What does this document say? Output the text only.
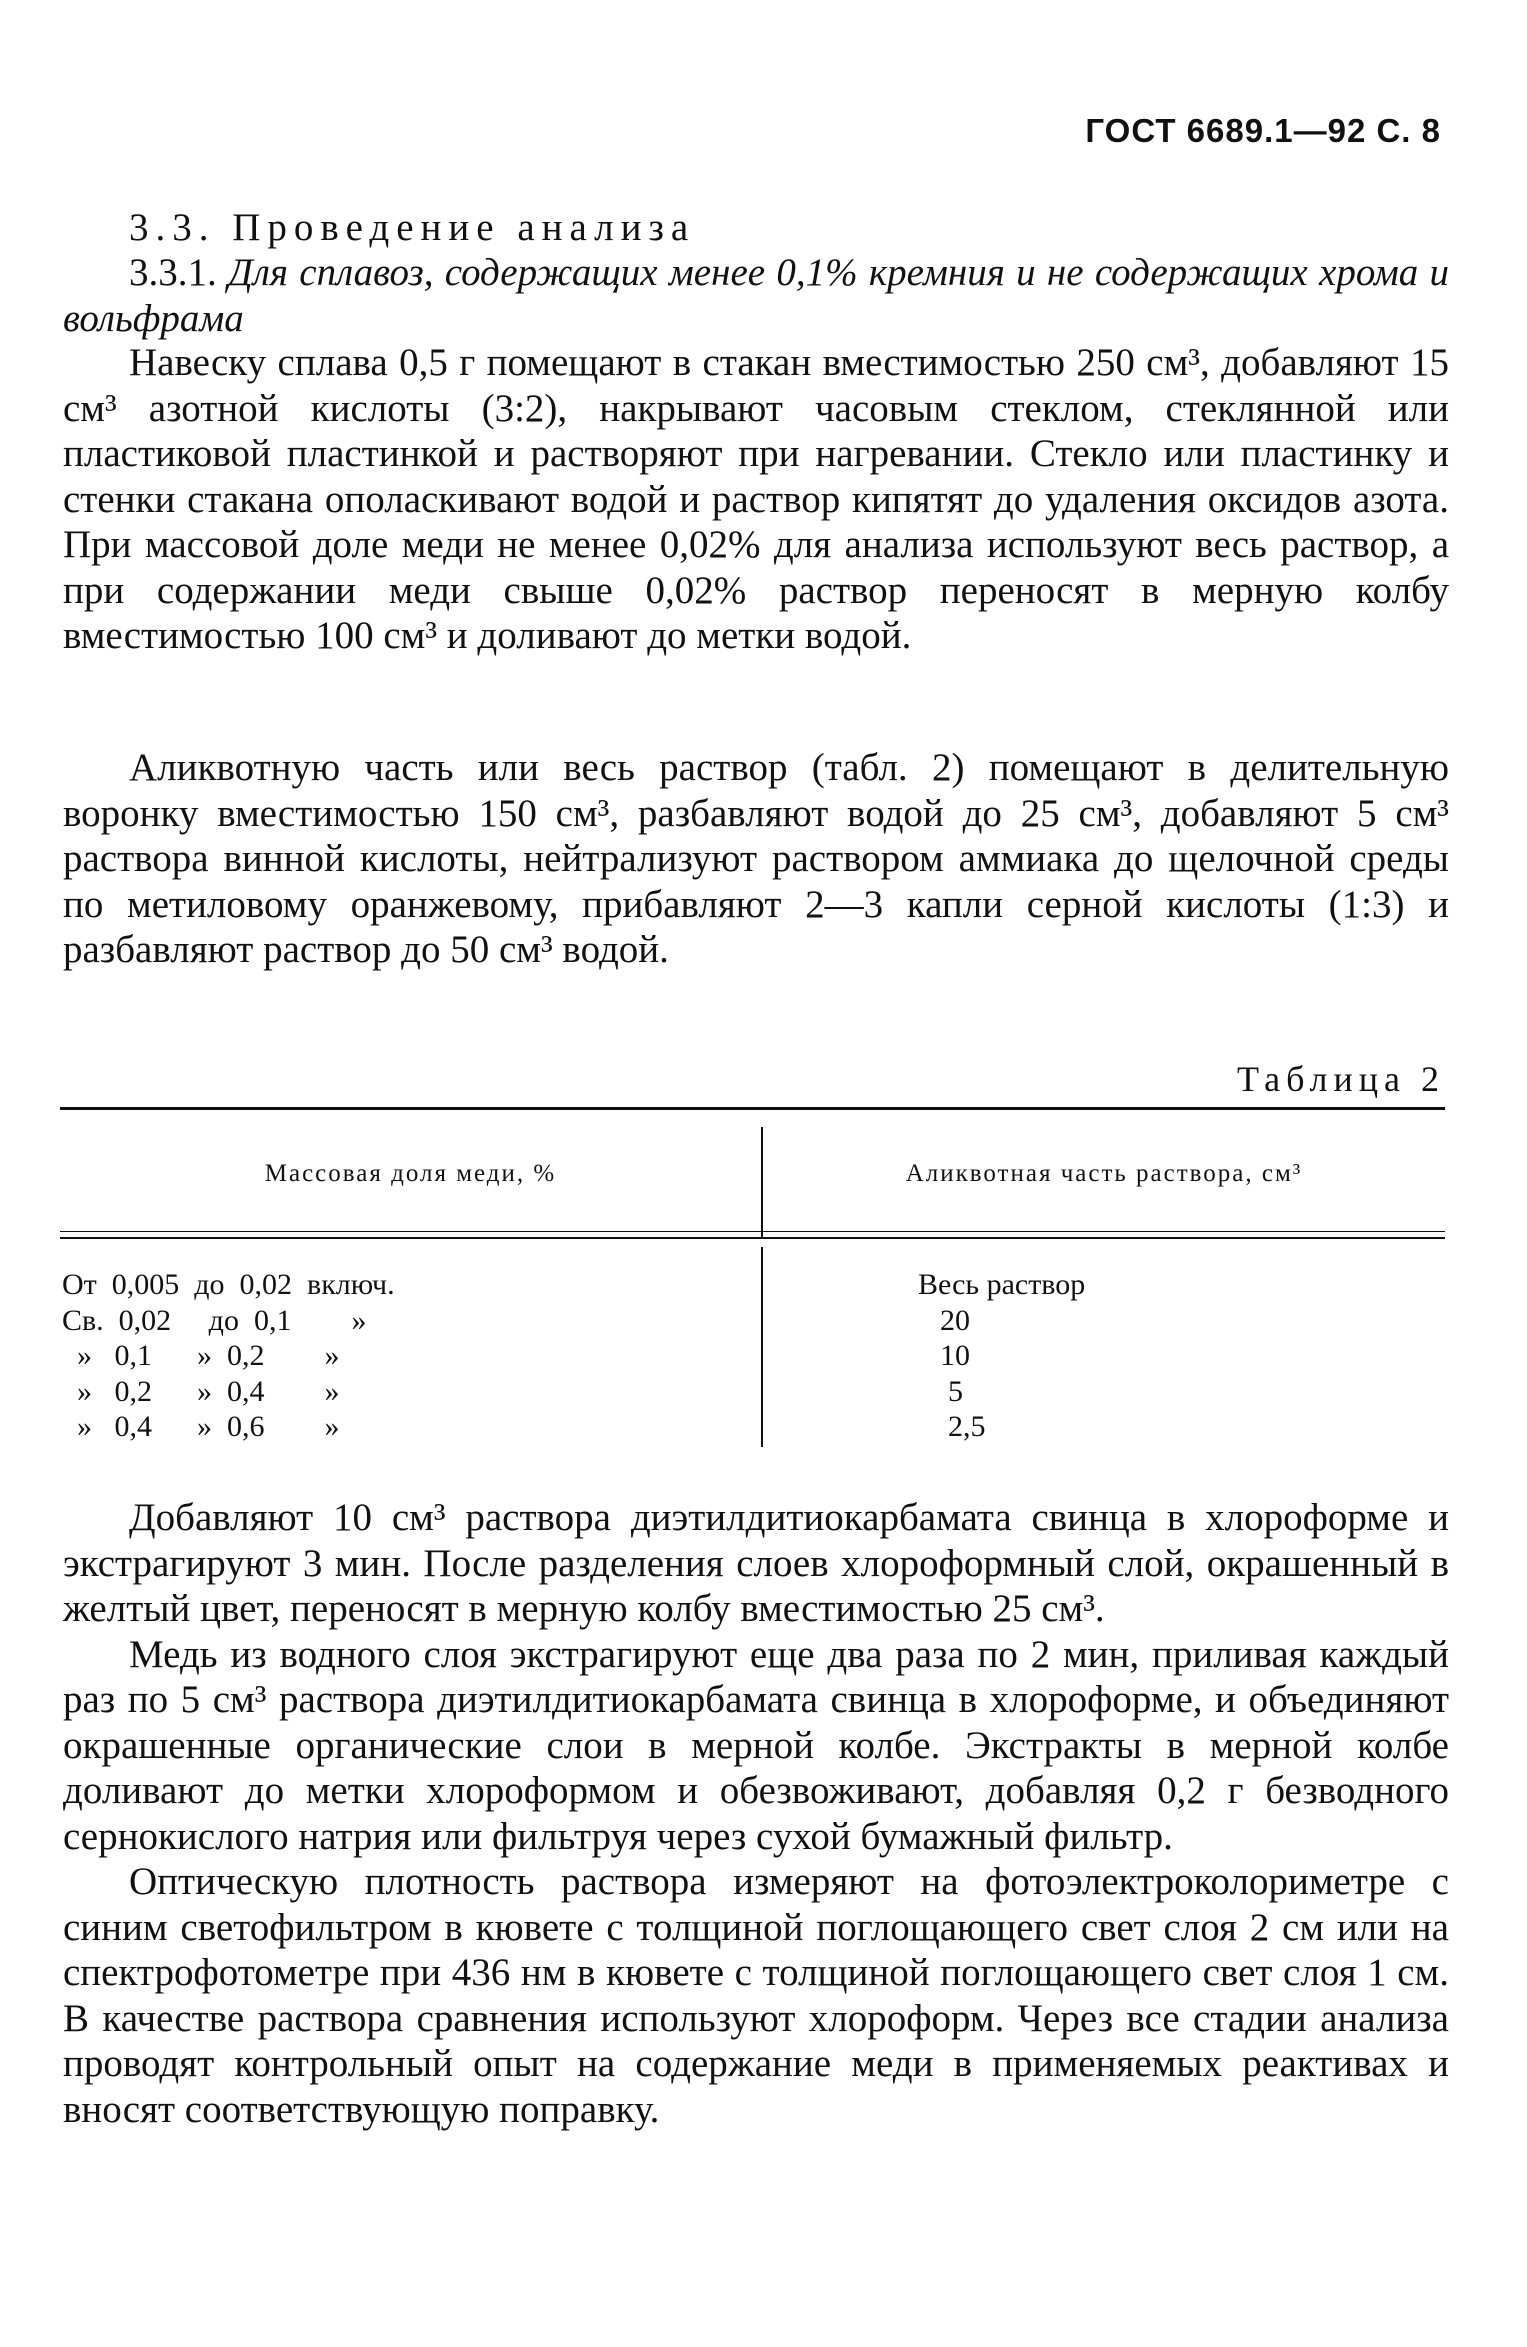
ГОСТ 6689.1—92 С. 8

3.3. Проведение анализа

3.3.1. Для сплавоз, содержащих менее 0,1% кремния и не содержащих хрома и вольфрама

Навеску сплава 0,5 г помещают в стакан вместимостью 250 см³, добавляют 15 см³ азотной кислоты (3:2), накрывают часовым стеклом, стеклянной или пластиковой пластинкой и растворяют при нагревании. Стекло или пластинку и стенки стакана ополаскивают водой и раствор кипятят до удаления оксидов азота. При массовой доле меди не менее 0,02% для анализа используют весь раствор, а при содержании меди свыше 0,02% раствор переносят в мерную колбу вместимостью 100 см³ и доливают до метки водой.

Аликвотную часть или весь раствор (табл. 2) помещают в делительную воронку вместимостью 150 см³, разбавляют водой до 25 см³, добавляют 5 см³ раствора винной кислоты, нейтрализуют раствором аммиака до щелочной среды по метиловому оранжевому, прибавляют 2—3 капли серной кислоты (1:3) и разбавляют раствор до 50 см³ водой.

Таблица 2
Массовая доля меди, %	Аликвотная часть раствора, см³
От  0,005  до  0,02  включ.
Св.  0,02     до  0,1        »
»   0,1      »  0,2        »
»   0,2      »  0,4        »
»   0,4      »  0,6        »
Весь раствор
20
10
5
2,5

Добавляют 10 см³ раствора диэтилдитиокарбамата свинца в хлороформе и экстрагируют 3 мин. После разделения слоев хлороформный слой, окрашенный в желтый цвет, переносят в мерную колбу вместимостью 25 см³.

Медь из водного слоя экстрагируют еще два раза по 2 мин, приливая каждый раз по 5 см³ раствора диэтилдитиокарбамата свинца в хлороформе, и объединяют окрашенные органические слои в мерной колбе. Экстракты в мерной колбе доливают до метки хлороформом и обезвоживают, добавляя 0,2 г безводного сернокислого натрия или фильтруя через сухой бумажный фильтр.

Оптическую плотность раствора измеряют на фотоэлектроколориметре с синим светофильтром в кювете с толщиной поглощающего свет слоя 2 см или на спектрофотометре при 436 нм в кювете с толщиной поглощающего свет слоя 1 см. В качестве раствора сравнения используют хлороформ. Через все стадии анализа проводят контрольный опыт на содержание меди в применяемых реактивах и вносят соответствующую поправку.
